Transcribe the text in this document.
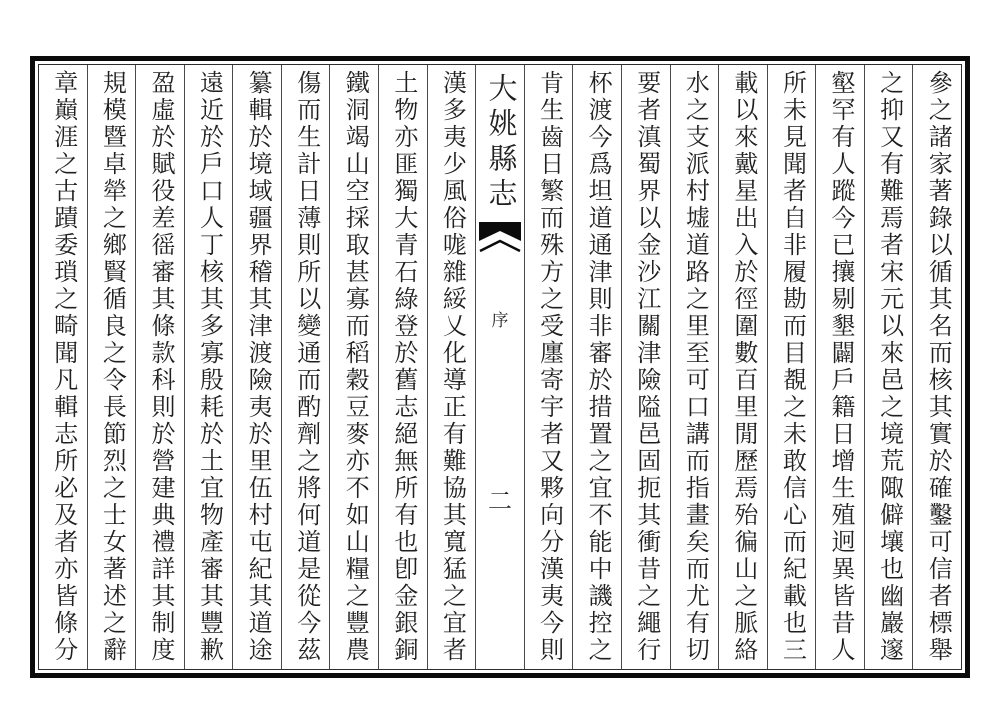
參之諸家著錄以循其名而核其實於確鑿可信者標舉
之抑又有難焉者宋元以來邑之境荒陬僻壤也幽巖邃
壑罕有人蹤今已攘剔墾闢戶籍日增生殖迥異皆昔人
所未見聞者自非履勘而目覩之未敢信心而紀載也三
載以來戴星出入於徑圍數百里閒歷焉殆徧山之脈絡
水之支派村墟道路之里至可口講而指畫矣而尤有切
要者滇蜀界以金沙江關津險隘邑固扼其衝昔之繩行
杯渡今爲坦道通津則非審於措置之宜不能中譏控之
肯生齒日繁而殊方之受廛寄宇者又夥向分漢夷今則
大姚縣志
序
二
漢多夷少風俗哤雜綏乂化導正有難協其寬猛之宜者
土物亦匪獨大青石綠登於舊志絕無所有也卽金銀銅
鐵洞竭山空採取甚寡而稻穀豆麥亦不如山糧之豐農
傷而生計日薄則所以變通而酌劑之將何道是從今茲
纂輯於境域疆界稽其津渡險夷於里伍村屯紀其道途
遠近於戶口人丁核其多寡殷耗於土宜物產審其豐歉
盈虛於賦役差徭審其條款科則於營建典禮詳其制度
規模暨卓犖之鄉賢循良之令長節烈之士女著述之辭
章巔涯之古蹟委瑣之畸聞凡輯志所必及者亦皆條分
